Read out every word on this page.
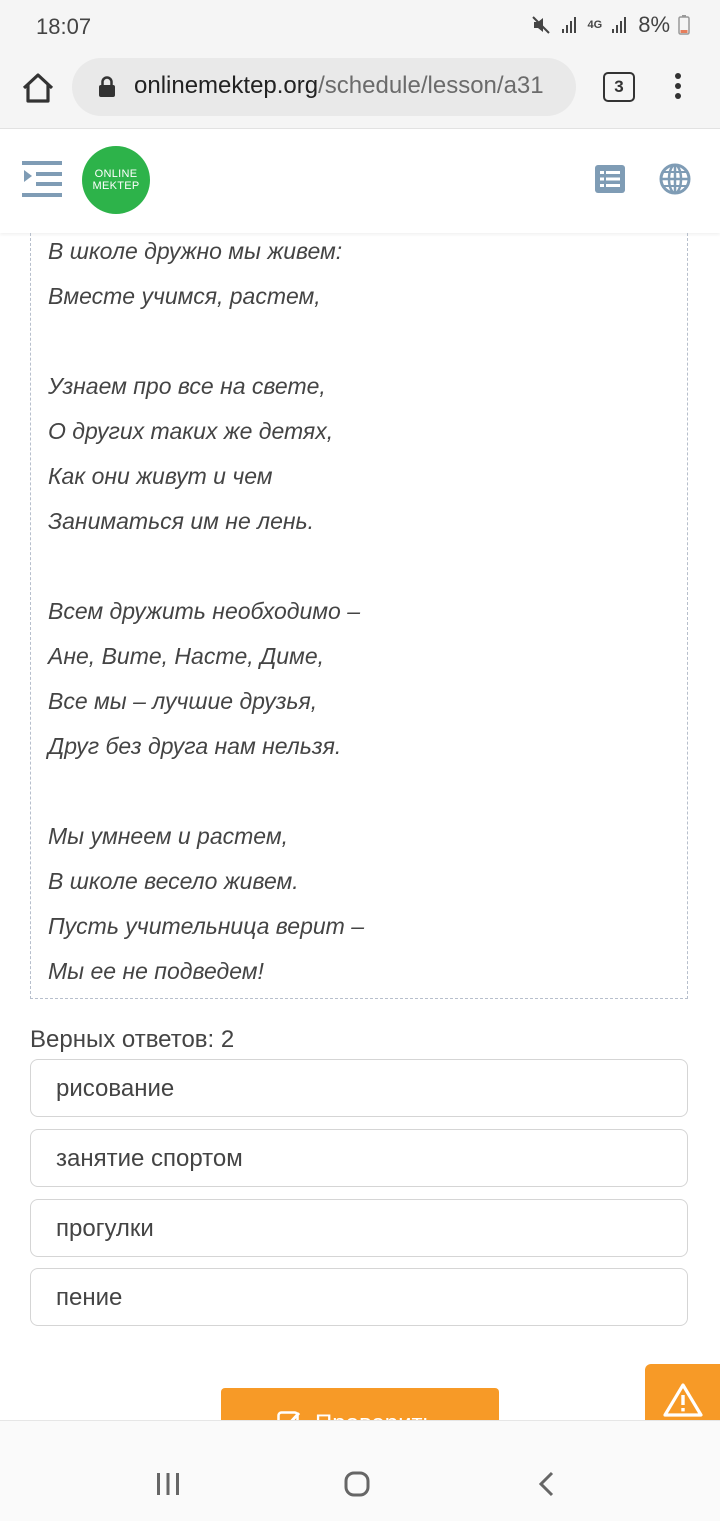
18:07	4G 8%
onlinemektep.org/schedule/lesson/a31	3
ONLINE
MEKTEP
В школе дружно мы живем:
Вместе учимся, растем,
Узнаем про все на свете,
О других таких же детях,
Как они живут и чем
Заниматься им не лень.
Всем дружить необходимо –
Ане, Вите, Насте, Диме,
Все мы – лучшие друзья,
Друг без друга нам нельзя.
Мы умнеем и растем,
В школе весело живем.
Пусть учительница верит –
Мы ее не подведем!
Верных ответов: 2
рисование
занятие спортом
прогулки
пение
